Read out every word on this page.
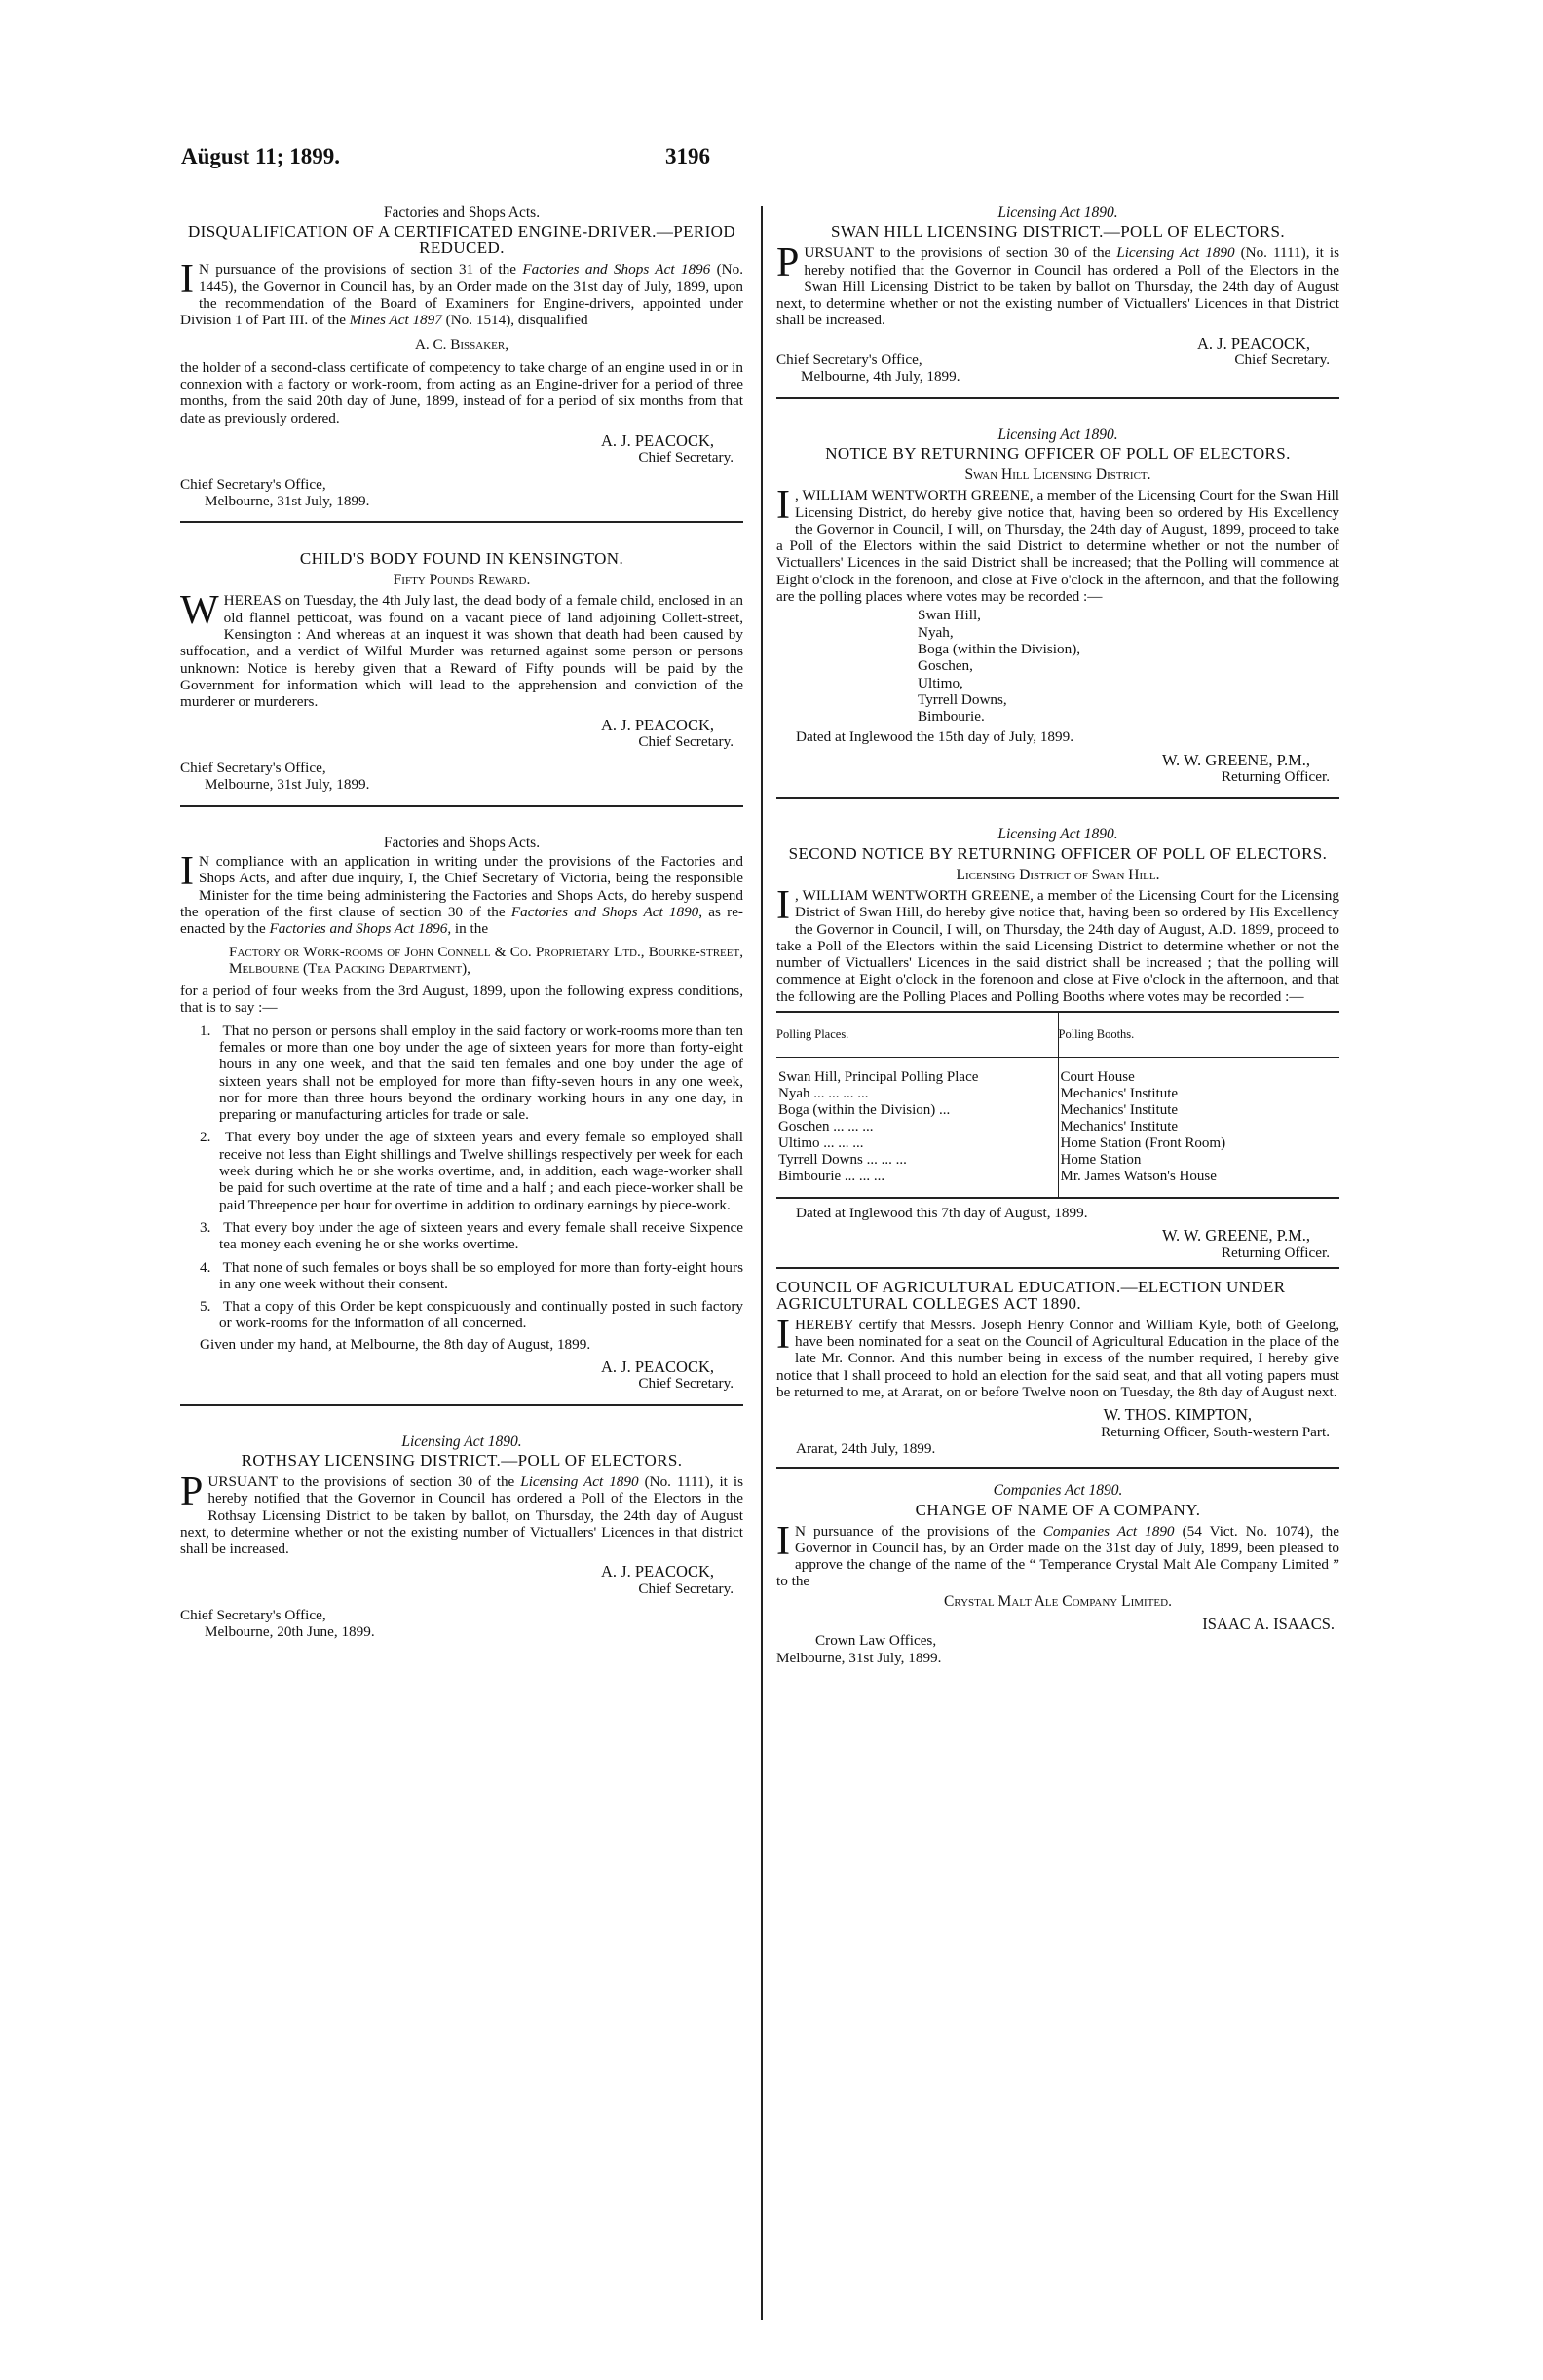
Aügust 11; 1899.	3196
Factories and Shops Acts.
DISQUALIFICATION OF A CERTIFICATED ENGINE-DRIVER.—PERIOD REDUCED.

I N pursuance of the provisions of section 31 of the Factories and Shops Act 1896 (No. 1445), the Governor in Council has, by an Order made on the 31st day of July, 1899, upon the recommendation of the Board of Examiners for Engine-drivers, appointed under Division 1 of Part III. of the Mines Act 1897 (No. 1514), disqualified

A. C. Bissaker,

the holder of a second-class certificate of competency to take charge of an engine used in or in connexion with a factory or work-room, from acting as an Engine-driver for a period of three months, from the said 20th day of June, 1899, instead of for a period of six months from that date as previously ordered.

A. J. PEACOCK,
Chief Secretary.
Chief Secretary's Office,
Melbourne, 31st July, 1899.
CHILD'S BODY FOUND IN KENSINGTON.
Fifty Pounds Reward.

WHEREAS on Tuesday, the 4th July last, the dead body of a female child, enclosed in an old flannel petticoat, was found on a vacant piece of land adjoining Collett-street, Kensington : And whereas at an inquest it was shown that death had been caused by suffocation, and a verdict of Wilful Murder was returned against some person or persons unknown: Notice is hereby given that a Reward of Fifty pounds will be paid by the Government for information which will lead to the apprehension and conviction of the murderer or murderers.

A. J. PEACOCK,
Chief Secretary.
Chief Secretary's Office,
Melbourne, 31st July, 1899.
Factories and Shops Acts.

I N compliance with an application in writing under the provisions of the Factories and Shops Acts, and after due inquiry, I, the Chief Secretary of Victoria, being the responsible Minister for the time being administering the Factories and Shops Acts, do hereby suspend the operation of the first clause of section 30 of the Factories and Shops Act 1890, as re-enacted by the Factories and Shops Act 1896, in the

Factory or Work-rooms of John Connell & Co. Proprietary Ltd., Bourke-street, Melbourne (Tea Packing Department),

for a period of four weeks from the 3rd August, 1899, upon the following express conditions, that is to say :—

1. That no person or persons shall employ in the said factory or work-rooms more than ten females or more than one boy under the age of sixteen years for more than forty-eight hours in any one week, and that the said ten females and one boy under the age of sixteen years shall not be employed for more than fifty-seven hours in any one week, nor for more than three hours beyond the ordinary working hours in any one day, in preparing or manufacturing articles for trade or sale.

2. That every boy under the age of sixteen years and every female so employed shall receive not less than Eight shillings and Twelve shillings respectively per week for each week during which he or she works overtime, and, in addition, each wage-worker shall be paid for such overtime at the rate of time and a half ; and each piece-worker shall be paid Threepence per hour for overtime in addition to ordinary earnings by piece-work.

3. That every boy under the age of sixteen years and every female shall receive Sixpence tea money each evening he or she works overtime.

4. That none of such females or boys shall be so employed for more than forty-eight hours in any one week without their consent.

5. That a copy of this Order be kept conspicuously and continually posted in such factory or work-rooms for the information of all concerned.

Given under my hand, at Melbourne, the 8th day of August, 1899.

A. J. PEACOCK,
Chief Secretary.
Licensing Act 1890.
ROTHSAY LICENSING DISTRICT.—POLL OF ELECTORS.

PURSUANT to the provisions of section 30 of the Licensing Act 1890 (No. 1111), it is hereby notified that the Governor in Council has ordered a Poll of the Electors in the Rothsay Licensing District to be taken by ballot, on Thursday, the 24th day of August next, to determine whether or not the existing number of Victuallers' Licences in that district shall be increased.

A. J. PEACOCK,
Chief Secretary.
Chief Secretary's Office,
Melbourne, 20th June, 1899.
Licensing Act 1890.
SWAN HILL LICENSING DISTRICT.—POLL OF ELECTORS.

PURSUANT to the provisions of section 30 of the Licensing Act 1890 (No. 1111), it is hereby notified that the Governor in Council has ordered a Poll of the Electors in the Swan Hill Licensing District to be taken by ballot on Thursday, the 24th day of August next, to determine whether or not the existing number of Victuallers' Licences in that District shall be increased.

A. J. PEACOCK,
Chief Secretary's Office,	Chief Secretary.
Melbourne, 4th July, 1899.
Licensing Act 1890.
NOTICE BY RETURNING OFFICER OF POLL OF ELECTORS.
Swan Hill Licensing District.

I , WILLIAM WENTWORTH GREENE, a member of the Licensing Court for the Swan Hill Licensing District, do hereby give notice that, having been so ordered by His Excellency the Governor in Council, I will, on Thursday, the 24th day of August, 1899, proceed to take a Poll of the Electors within the said District to determine whether or not the number of Victuallers' Licences in the said District shall be increased; that the Polling will commence at Eight o'clock in the forenoon, and close at Five o'clock in the afternoon, and that the following are the polling places where votes may be recorded :—

Swan Hill,
Nyah,
Boga (within the Division),
Goschen,
Ultimo,
Tyrrell Downs,
Bimbourie.

Dated at Inglewood the 15th day of July, 1899.

W. W. GREENE, P.M.,
Returning Officer.
Licensing Act 1890.
SECOND NOTICE BY RETURNING OFFICER OF POLL OF ELECTORS.
Licensing District of Swan Hill.

I , WILLIAM WENTWORTH GREENE, a member of the Licensing Court for the Licensing District of Swan Hill, do hereby give notice that, having been so ordered by His Excellency the Governor in Council, I will, on Thursday, the 24th day of August, A.D. 1899, proceed to take a Poll of the Electors within the said Licensing District to determine whether or not the number of Victuallers' Licences in the said district shall be increased ; that the polling will commence at Eight o'clock in the forenoon and close at Five o'clock in the afternoon, and that the following are the Polling Places and Polling Booths where votes may be recorded :—

Polling Places.	Polling Booths.
Swan Hill, Principal Polling Place	Court House
Nyah ... ... ... ...	Mechanics' Institute
Boga (within the Division) ...	Mechanics' Institute
Goschen ... ... ...	Mechanics' Institute
Ultimo ... ... ...	Home Station (Front Room)
Tyrrell Downs ... ... ...	Home Station
Bimbourie ... ... ...	Mr. James Watson's House

Dated at Inglewood this 7th day of August, 1899.

W. W. GREENE, P.M.,
Returning Officer.
COUNCIL OF AGRICULTURAL EDUCATION.—ELECTION UNDER AGRICULTURAL COLLEGES ACT 1890.

I HEREBY certify that Messrs. Joseph Henry Connor and William Kyle, both of Geelong, have been nominated for a seat on the Council of Agricultural Education in the place of the late Mr. Connor. And this number being in excess of the number required, I hereby give notice that I shall proceed to hold an election for the said seat, and that all voting papers must be returned to me, at Ararat, on or before Twelve noon on Tuesday, the 8th day of August next.

W. THOS. KIMPTON,
Returning Officer, South-western Part.
Ararat, 24th July, 1899.
Companies Act 1890.
CHANGE OF NAME OF A COMPANY.

I N pursuance of the provisions of the Companies Act 1890 (54 Vict. No. 1074), the Governor in Council has, by an Order made on the 31st day of July, 1899, been pleased to approve the change of the name of the “ Temperance Crystal Malt Ale Company Limited ” to the

Crystal Malt Ale Company Limited.
ISAAC A. ISAACS.
Crown Law Offices,
Melbourne, 31st July, 1899.
